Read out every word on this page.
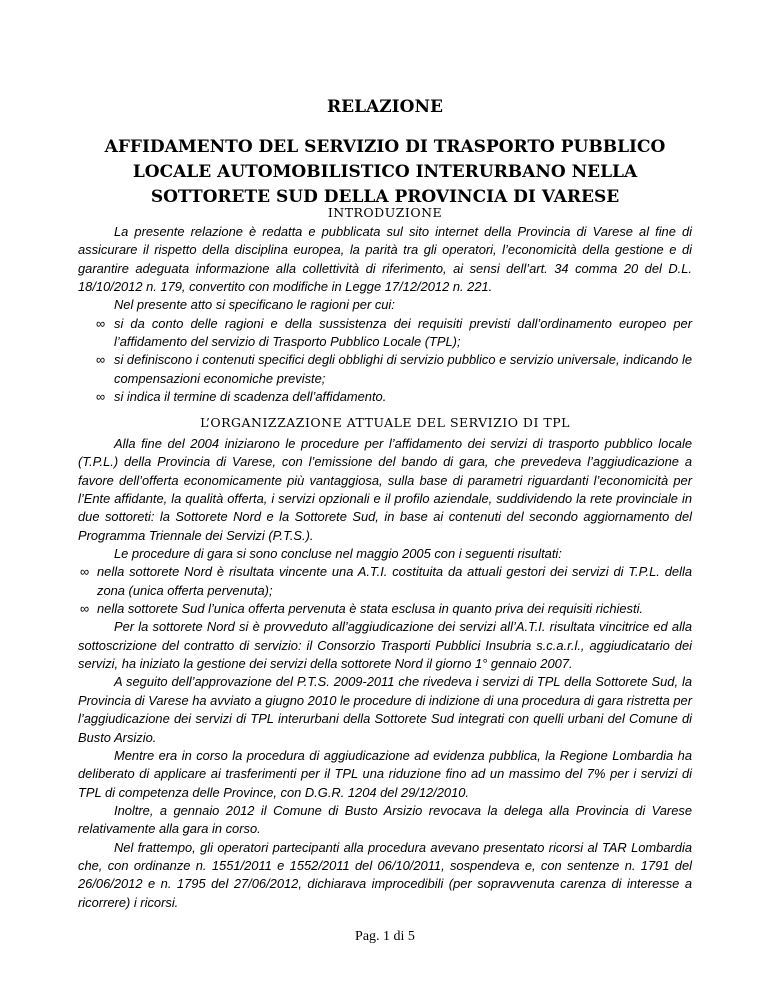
RELAZIONE
AFFIDAMENTO DEL SERVIZIO DI TRASPORTO PUBBLICO LOCALE AUTOMOBILISTICO INTERURBANO NELLA SOTTORETE SUD DELLA PROVINCIA DI VARESE
INTRODUZIONE

La presente relazione è redatta e pubblicata sul sito internet della Provincia di Varese al fine di assicurare il rispetto della disciplina europea, la parità tra gli operatori, l’economicità della gestione e di garantire adeguata informazione alla collettività di riferimento, ai sensi dell’art. 34 comma 20 del D.L. 18/10/2012 n. 179, convertito con modifiche in Legge 17/12/2012 n. 221.

Nel presente atto si specificano le ragioni per cui:

∞ si da conto delle ragioni e della sussistenza dei requisiti previsti dall’ordinamento europeo per l’affidamento del servizio di Trasporto Pubblico Locale (TPL);
∞ si definiscono i contenuti specifici degli obblighi di servizio pubblico e servizio universale, indicando le compensazioni economiche previste;
∞ si indica il termine di scadenza dell’affidamento.
L’ORGANIZZAZIONE ATTUALE DEL SERVIZIO DI TPL

Alla fine del 2004 iniziarono le procedure per l’affidamento dei servizi di trasporto pubblico locale (T.P.L.) della Provincia di Varese, con l’emissione del bando di gara, che prevedeva l’aggiudicazione a favore dell’offerta economicamente più vantaggiosa, sulla base di parametri riguardanti l’economicità per l’Ente affidante, la qualità offerta, i servizi opzionali e il profilo aziendale, suddividendo la rete provinciale in due sottoreti: la Sottorete Nord e la Sottorete Sud, in base ai contenuti del secondo aggiornamento del Programma Triennale dei Servizi (P.T.S.).

Le procedure di gara si sono concluse nel maggio 2005 con i seguenti risultati:

∞ nella sottorete Nord è risultata vincente una A.T.I. costituita da attuali gestori dei servizi di T.P.L. della zona (unica offerta pervenuta);
∞ nella sottorete Sud l’unica offerta pervenuta è stata esclusa in quanto priva dei requisiti richiesti.

Per la sottorete Nord si è provveduto all’aggiudicazione dei servizi all’A.T.I. risultata vincitrice ed alla sottoscrizione del contratto di servizio: il Consorzio Trasporti Pubblici Insubria s.c.a.r.l., aggiudicatario dei servizi, ha iniziato la gestione dei servizi della sottorete Nord il giorno 1° gennaio 2007.

A seguito dell’approvazione del P.T.S. 2009-2011 che rivedeva i servizi di TPL della Sottorete Sud, la Provincia di Varese ha avviato a giugno 2010 le procedure di indizione di una procedura di gara ristretta per l’aggiudicazione dei servizi di TPL interurbani della Sottorete Sud integrati con quelli urbani del Comune di Busto Arsizio.

Mentre era in corso la procedura di aggiudicazione ad evidenza pubblica, la Regione Lombardia ha deliberato di applicare ai trasferimenti per il TPL una riduzione fino ad un massimo del 7% per i servizi di TPL di competenza delle Province, con D.G.R. 1204 del 29/12/2010.

Inoltre, a gennaio 2012 il Comune di Busto Arsizio revocava la delega alla Provincia di Varese relativamente alla gara in corso.

Nel frattempo, gli operatori partecipanti alla procedura avevano presentato ricorsi al TAR Lombardia che, con ordinanze n. 1551/2011 e 1552/2011 del 06/10/2011, sospendeva e, con sentenze n. 1791 del 26/06/2012 e n. 1795 del 27/06/2012, dichiarava improcedibili (per sopravvenuta carenza di interesse a ricorrere) i ricorsi.

Pag. 1 di 5
